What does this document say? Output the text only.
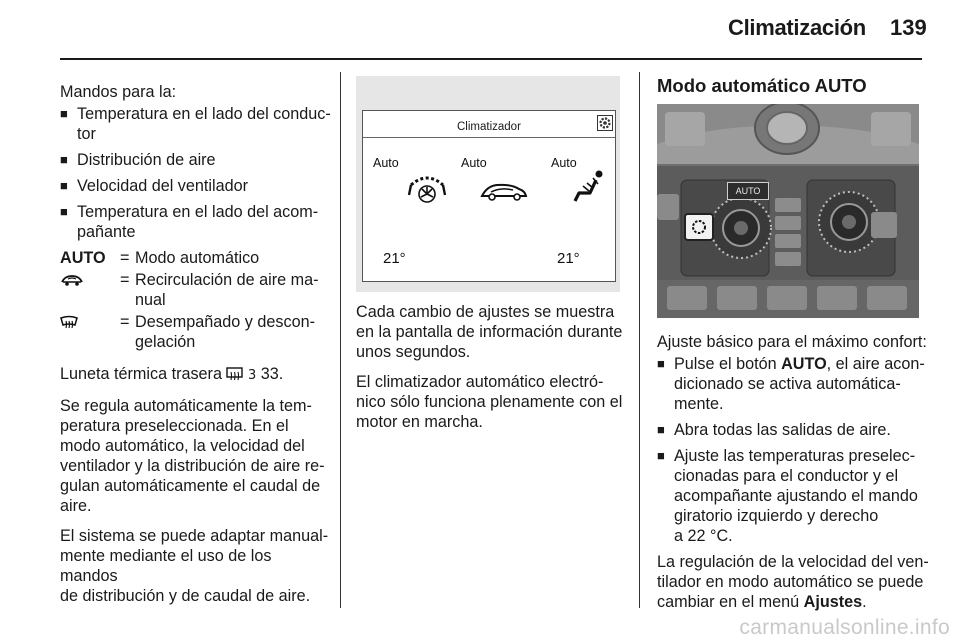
Climatización 139

Mandos para la:

■ Temperatura en el lado del conduc-
tor
■ Distribución de aire
■ Velocidad del ventilador
■ Temperatura en el lado del acom-
pañante
AUTO = Modo automático
= Recirculación de aire ma-
nual
= Desempañado y descon-
gelación

Luneta térmica trasera 3 33.

Se regula automáticamente la tem-
peratura preseleccionada. En el
modo automático, la velocidad del
ventilador y la distribución de aire re-
gulan automáticamente el caudal de
aire.

El sistema se puede adaptar manual-
mente mediante el uso de los mandos
de distribución y de caudal de aire.

Climatizador
Auto	Auto	Auto
21°	21°

Cada cambio de ajustes se muestra
en la pantalla de información durante
unos segundos.

El climatizador automático electró-
nico sólo funciona plenamente con el
motor en marcha.

Modo automático AUTO
AUTO

Ajuste básico para el máximo confort:

■ Pulse el botón AUTO, el aire acon-
dicionado se activa automática-
mente.
■ Abra todas las salidas de aire.
■ Ajuste las temperaturas preselec-
cionadas para el conductor y el
acompañante ajustando el mando
giratorio izquierdo y derecho
a 22 °C.

La regulación de la velocidad del ven-
tilador en modo automático se puede
cambiar en el menú Ajustes.

carmanualsonline.info
